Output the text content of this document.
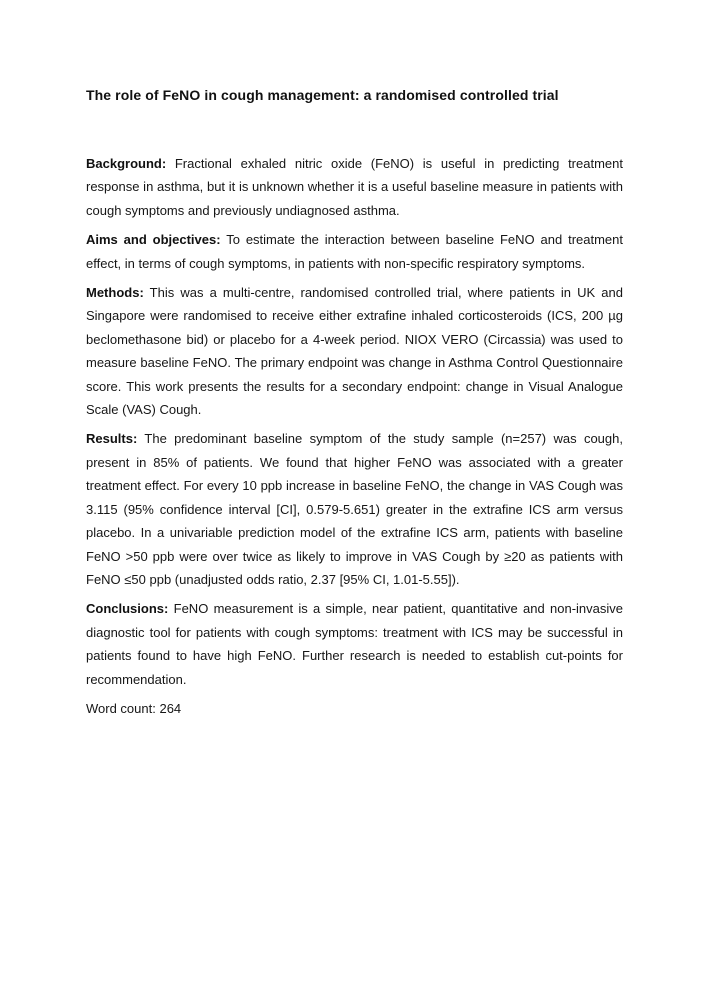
The role of FeNO in cough management: a randomised controlled trial

Background: Fractional exhaled nitric oxide (FeNO) is useful in predicting treatment response in asthma, but it is unknown whether it is a useful baseline measure in patients with cough symptoms and previously undiagnosed asthma.

Aims and objectives: To estimate the interaction between baseline FeNO and treatment effect, in terms of cough symptoms, in patients with non-specific respiratory symptoms.

Methods: This was a multi-centre, randomised controlled trial, where patients in UK and Singapore were randomised to receive either extrafine inhaled corticosteroids (ICS, 200 µg beclomethasone bid) or placebo for a 4-week period. NIOX VERO (Circassia) was used to measure baseline FeNO. The primary endpoint was change in Asthma Control Questionnaire score. This work presents the results for a secondary endpoint: change in Visual Analogue Scale (VAS) Cough.

Results: The predominant baseline symptom of the study sample (n=257) was cough, present in 85% of patients. We found that higher FeNO was associated with a greater treatment effect. For every 10 ppb increase in baseline FeNO, the change in VAS Cough was 3.115 (95% confidence interval [CI], 0.579-5.651) greater in the extrafine ICS arm versus placebo. In a univariable prediction model of the extrafine ICS arm, patients with baseline FeNO >50 ppb were over twice as likely to improve in VAS Cough by ≥20 as patients with FeNO ≤50 ppb (unadjusted odds ratio, 2.37 [95% CI, 1.01-5.55]).

Conclusions: FeNO measurement is a simple, near patient, quantitative and non-invasive diagnostic tool for patients with cough symptoms: treatment with ICS may be successful in patients found to have high FeNO. Further research is needed to establish cut-points for recommendation.

Word count: 264
